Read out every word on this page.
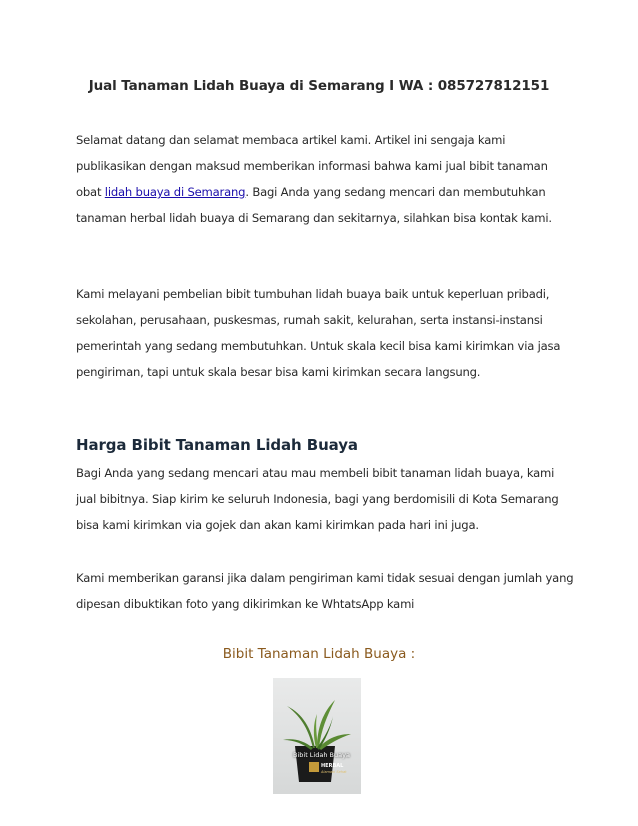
Jual Tanaman Lidah Buaya di Semarang I WA : 085727812151

Selamat datang dan selamat membaca artikel kami. Artikel ini sengaja kami publikasikan dengan maksud memberikan informasi bahwa kami jual bibit tanaman obat lidah buaya di Semarang. Bagi Anda yang sedang mencari dan membutuhkan tanaman herbal lidah buaya di Semarang dan sekitarnya, silahkan bisa kontak kami.

Kami melayani pembelian bibit tumbuhan lidah buaya baik untuk keperluan pribadi, sekolahan, perusahaan, puskesmas, rumah sakit, kelurahan, serta instansi-instansi pemerintah yang sedang membutuhkan. Untuk skala kecil bisa kami kirimkan via jasa pengiriman, tapi untuk skala besar bisa kami kirimkan secara langsung.

Harga Bibit Tanaman Lidah Buaya

Bagi Anda yang sedang mencari atau mau membeli bibit tanaman lidah buaya, kami jual bibitnya. Siap kirim ke seluruh Indonesia, bagi yang berdomisili di Kota Semarang bisa kami kirimkan via gojek dan akan kami kirimkan pada hari ini juga.

Kami memberikan garansi jika dalam pengiriman kami tidak sesuai dengan jumlah yang dipesan dibuktikan foto yang dikirimkan ke WhtatsApp kami

Bibit Tanaman Lidah Buaya :
Bibit Lidah Buaya
HERBAL
Alamani Sehat
